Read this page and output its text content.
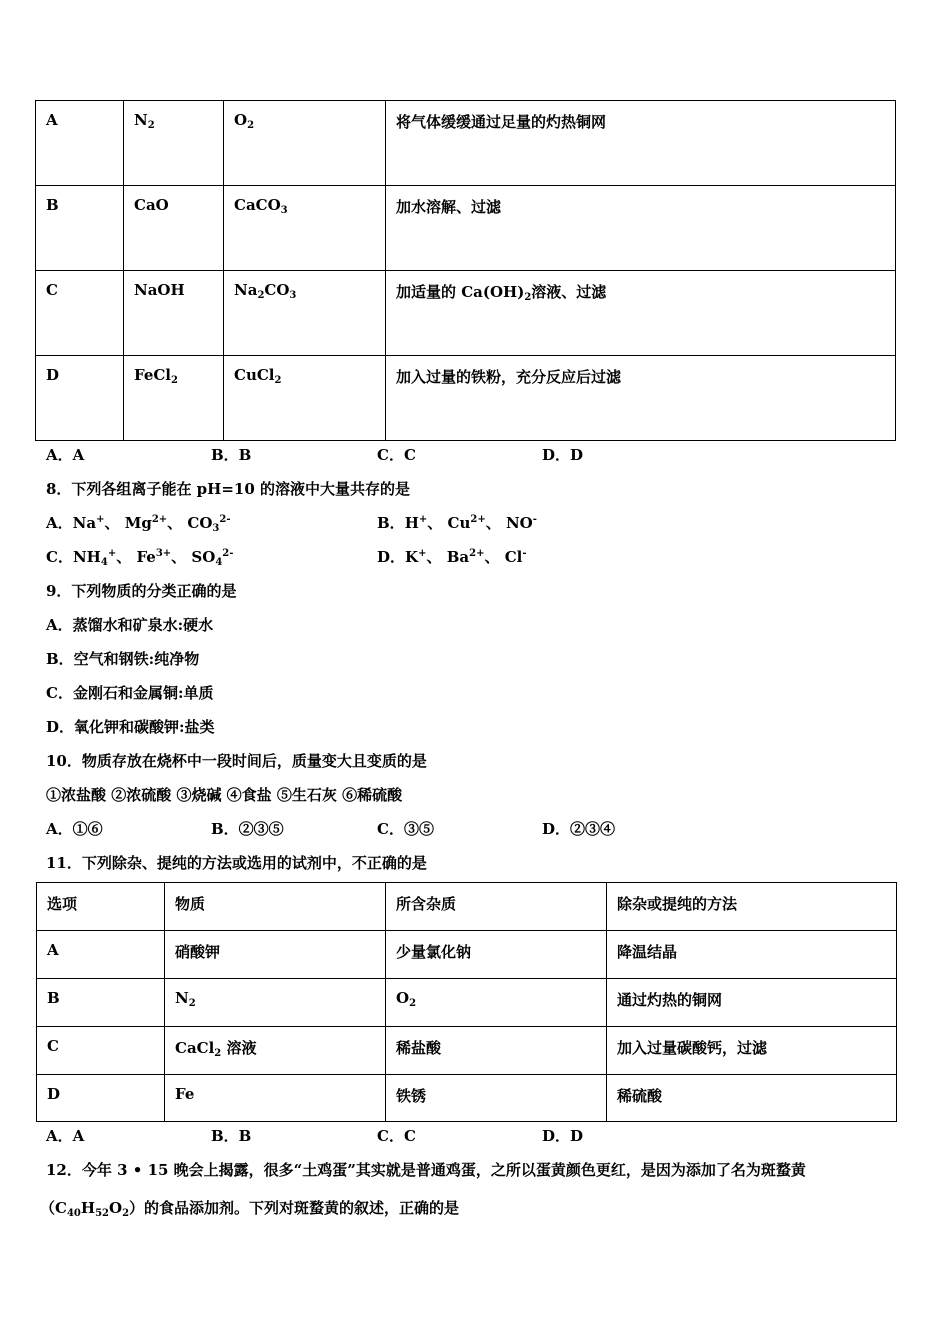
A	$N_2$	$O_2$	将气体缓缓通过足量的灼热铜网
B	CaO	CaCO$_3$	加水溶解、过滤
C	NaOH	$Na_2CO_3$	加适量的 $Ca(OH)_2$溶液、过滤
D	FeCl$_2$	CuCl$_2$	加入过量的铁粉，充分反应后过滤
A．A	B．B	C．C	D．D
8．下列各组离子能在 pH=10 的溶液中大量共存的是
A．Na+、 $Mg^{2+}$、 $CO_3^{2-}$	B．H+、 $Cu^{2+}$、 NO-
C．$NH_4^+$、 $Fe^{3+}$、 $SO_4^{2-}$	D．K+、 $Ba^{2+}$、 Cl-
9．下列物质的分类正确的是
A．蒸馏水和矿泉水:硬水
B．空气和钢铁:纯净物
C．金刚石和金属铜:单质
D．氧化钾和碳酸钾:盐类
10．物质存放在烧杯中一段时间后，质量变大且变质的是
①浓盐酸 ②浓硫酸 ③烧碱 ④食盐 ⑤生石灰 ⑥稀硫酸
A．①⑥	B．②③⑤	C．③⑤	D．②③④
11．下列除杂、提纯的方法或选用的试剂中，不正确的是
选项	物质	所含杂质	除杂或提纯的方法
A	硝酸钾	少量氯化钠	降温结晶
B	$N_2$	$O_2$	通过灼热的铜网
C	CaCl$_2$ 溶液	稀盐酸	加入过量碳酸钙，过滤
D	Fe	铁锈	稀硫酸
A．A	B．B	C．C	D．D
12．今年 3 • 15 晚会上揭露，很多“土鸡蛋”其实就是普通鸡蛋，之所以蛋黄颜色更红，是因为添加了名为斑蝥黄
$(C_{40}H_{52}O_2)$的食品添加剂。下列对斑蝥黄的叙述，正确的是
